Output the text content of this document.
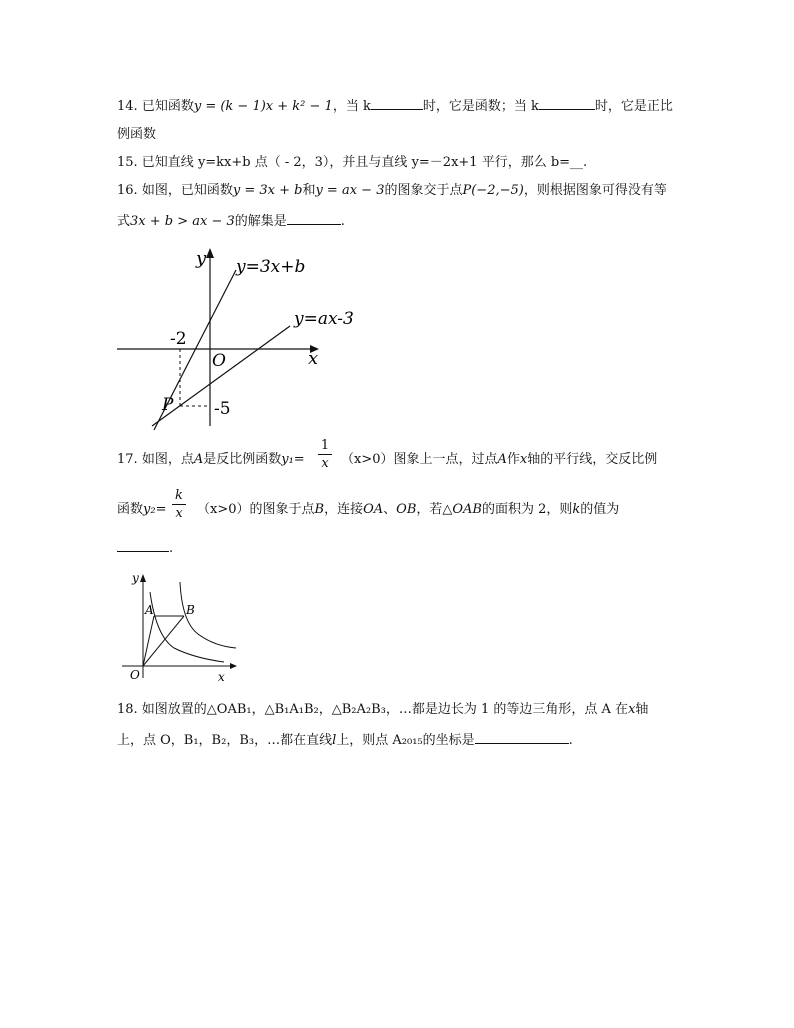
14. 已知函数y = (k − 1)x + k² − 1，当 k	时，它是函数；当 k	时，它是正比
例函数
15. 已知直线 y=kx+b 点（ - 2，3），并且与直线 y=－2x+1 平行，那么 b=__.
16. 如图，已知函数y = 3x + b和y = ax − 3的图象交于点P(−2,−5)，则根据图象可得没有等
式3x + b > ax − 3的解集是	.
y
x
O
y=3x+b
y=ax-3
-2
-5
P
17. 如图，点A是反比例函数y₁=
1
x （x>0）图象上一点，过点A作x轴的平行线，交反比例
函数y₂=
k
x （x>0）的图象于点B，连接OA、OB，若△OAB的面积为 2，则k的值为
.
y
x
O
A	B
18. 如图放置的△OAB₁，△B₁A₁B₂，△B₂A₂B₃，…都是边长为 1 的等边三角形，点 A 在x轴
上，点 O，B₁，B₂，B₃，…都在直线l上，则点 A₂₀₁₅的坐标是	.
